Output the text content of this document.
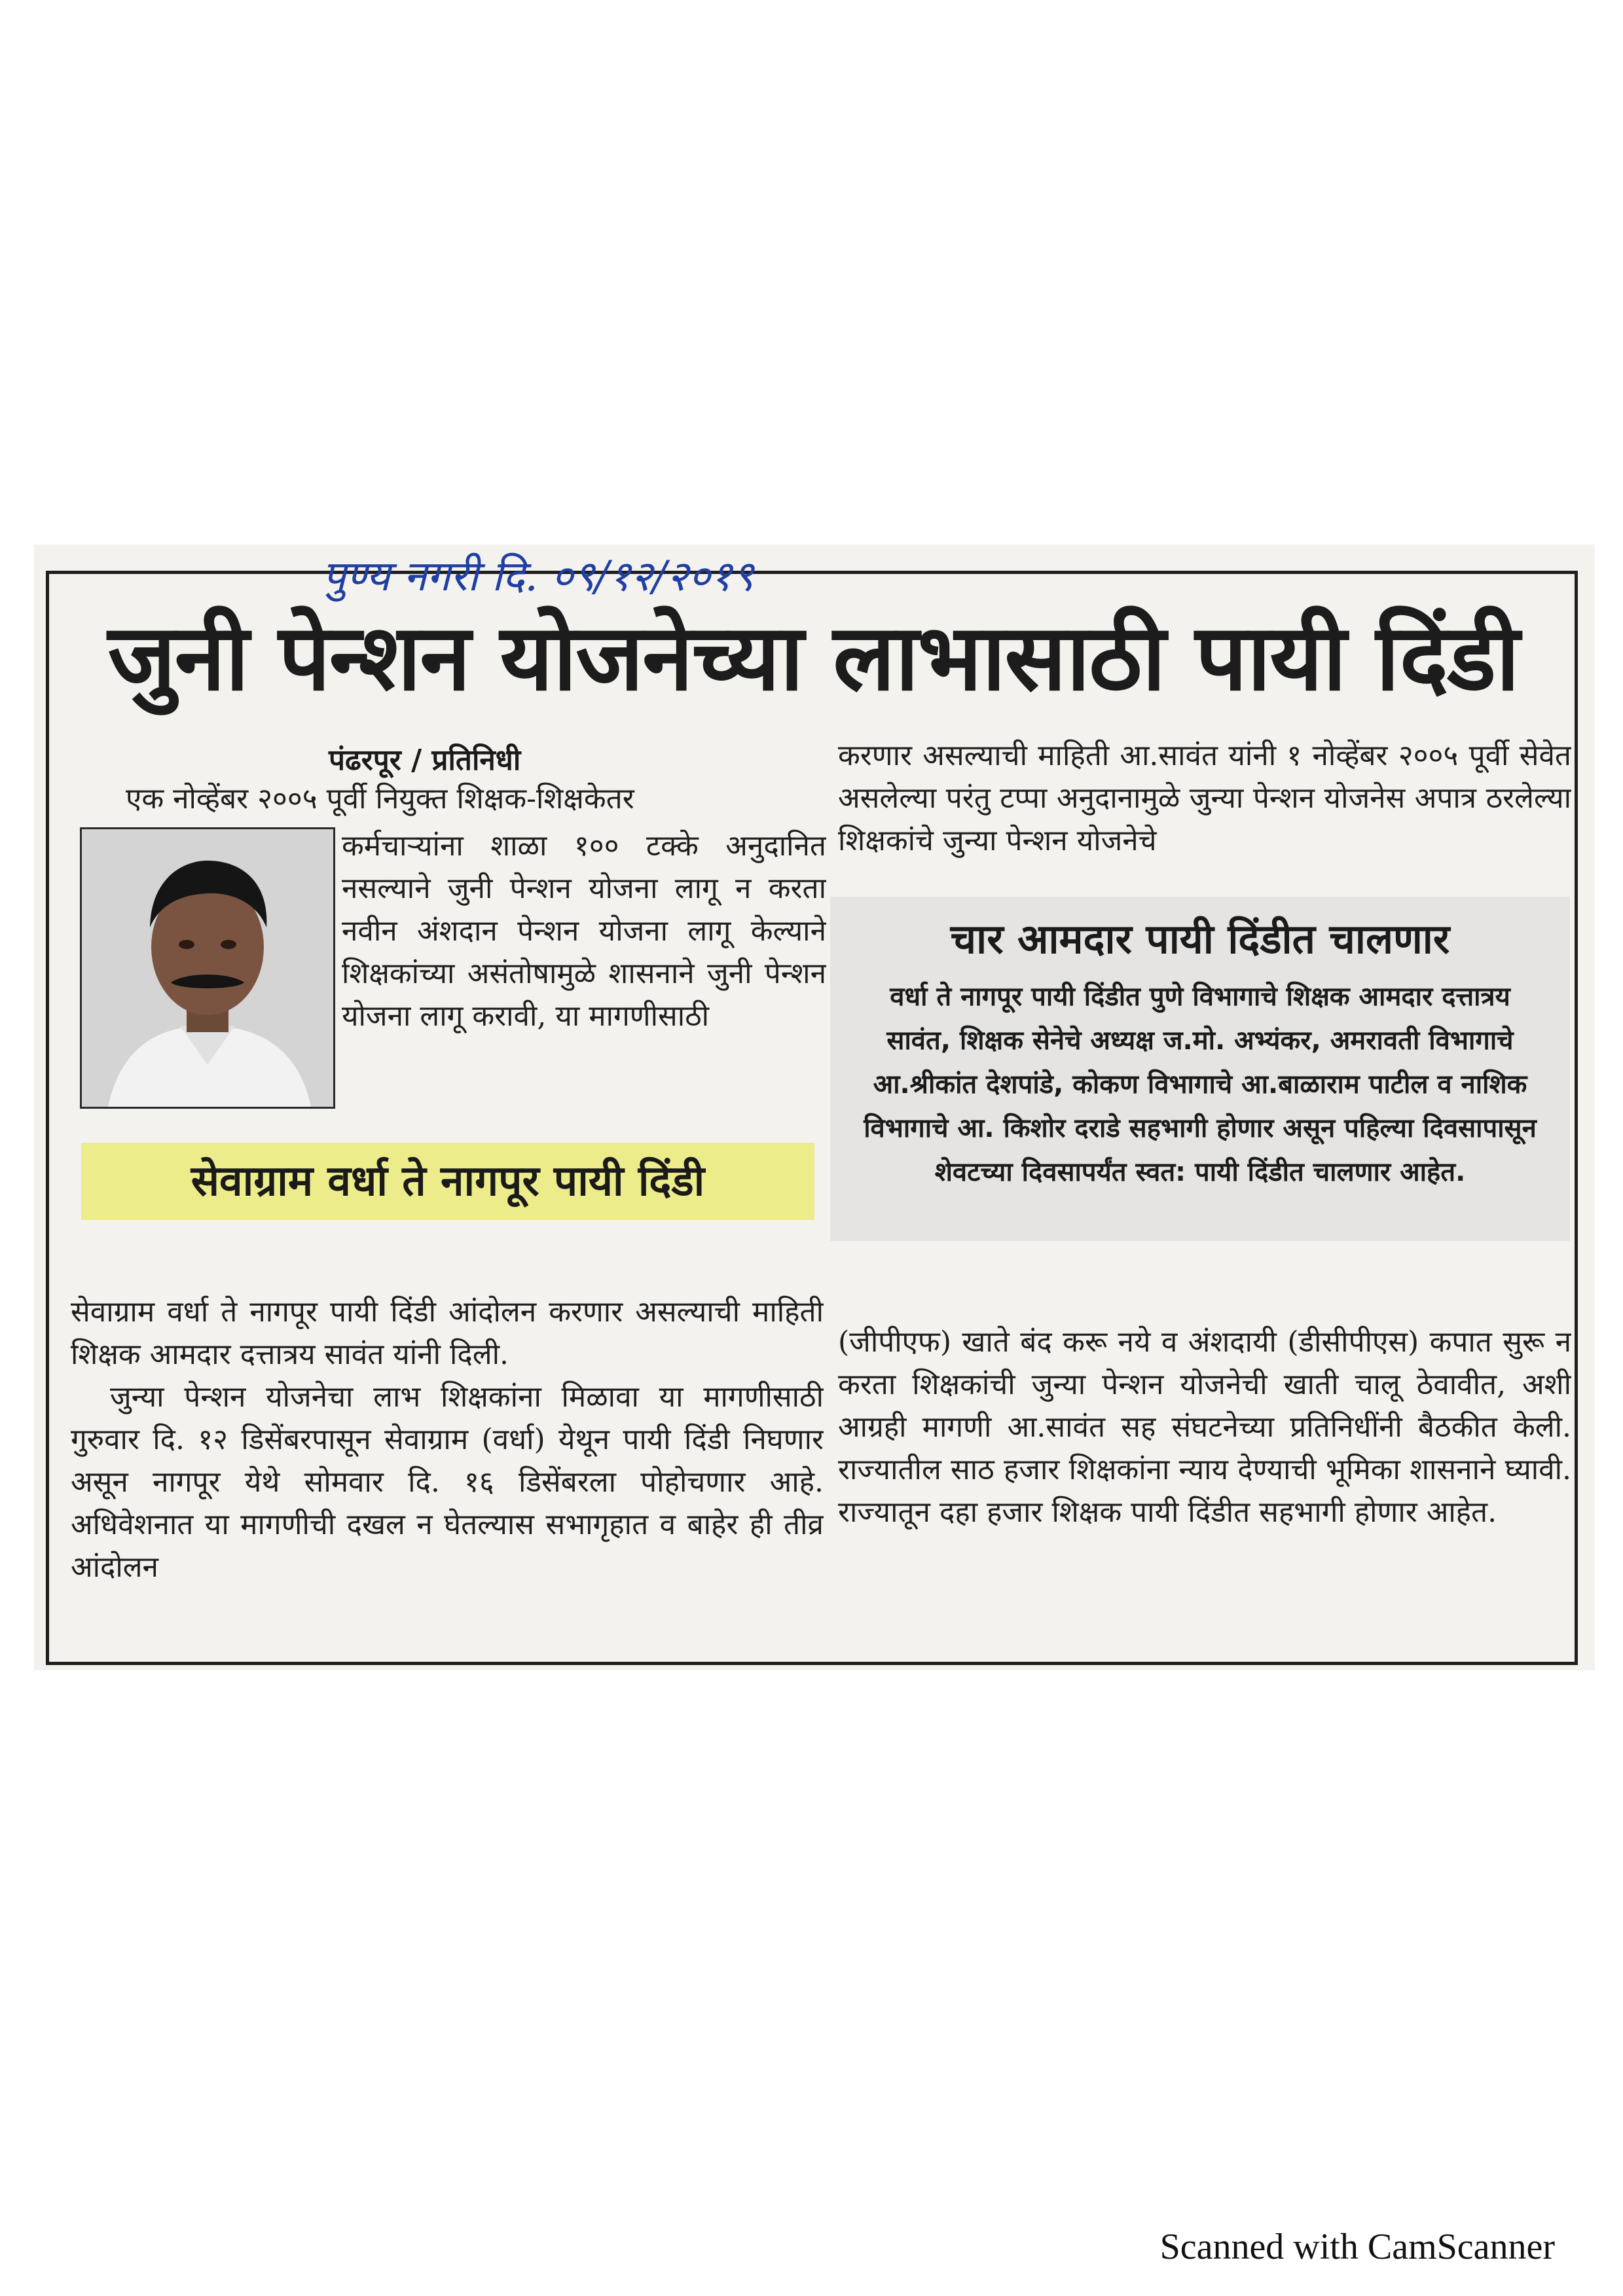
पुण्य नगरी दि. ०९/१२/२०१९
जुनी पेन्शन योजनेच्या लाभासाठी पायी दिंडी
पंढरपूर / प्रतिनिधी
एक नोव्हेंबर २००५ पूर्वी नियुक्त शिक्षक-शिक्षकेतर

कर्मचाऱ्यांना शाळा १०० टक्के अनुदानित नसल्याने जुनी पेन्शन योजना लागू न करता नवीन अंशदान पेन्शन योजना लागू केल्याने शिक्षकांच्या असंतोषामुळे शासनाने जुनी पेन्शन योजना लागू करावी, या मागणीसाठी

सेवाग्राम वर्धा ते नागपूर पायी दिंडी

सेवाग्राम वर्धा ते नागपूर पायी दिंडी आंदोलन करणार असल्याची माहिती शिक्षक आमदार दत्तात्रय सावंत यांनी दिली.

जुन्या पेन्शन योजनेचा लाभ शिक्षकांना मिळावा या मागणीसाठी गुरुवार दि. १२ डिसेंबरपासून सेवाग्राम (वर्धा) येथून पायी दिंडी निघणार असून नागपूर येथे सोमवार दि. १६ डिसेंबरला पोहोचणार आहे. अधिवेशनात या मागणीची दखल न घेतल्यास सभागृहात व बाहेर ही तीव्र आंदोलन

करणार असल्याची माहिती आ.सावंत यांनी १ नोव्हेंबर २००५ पूर्वी सेवेत असलेल्या परंतु टप्पा अनुदानामुळे जुन्या पेन्शन योजनेस अपात्र ठरलेल्या शिक्षकांचे जुन्या पेन्शन योजनेचे

चार आमदार पायी दिंडीत चालणार
वर्धा ते नागपूर पायी दिंडीत पुणे विभागाचे शिक्षक आमदार दत्तात्रय सावंत, शिक्षक सेनेचे अध्यक्ष ज.मो. अभ्यंकर, अमरावती विभागाचे आ.श्रीकांत देशपांडे, कोकण विभागाचे आ.बाळाराम पाटील व नाशिक विभागाचे आ. किशोर दराडे सहभागी होणार असून पहिल्या दिवसापासून शेवटच्या दिवसापर्यंत स्वत: पायी दिंडीत चालणार आहेत.

(जीपीएफ) खाते बंद करू नये व अंशदायी (डीसीपीएस) कपात सुरू न करता शिक्षकांची जुन्या पेन्शन योजनेची खाती चालू ठेवावीत, अशी आग्रही मागणी आ.सावंत सह संघटनेच्या प्रतिनिधींनी बैठकीत केली. राज्यातील साठ हजार शिक्षकांना न्याय देण्याची भूमिका शासनाने घ्यावी. राज्यातून दहा हजार शिक्षक पायी दिंडीत सहभागी होणार आहेत.

Scanned with CamScanner
